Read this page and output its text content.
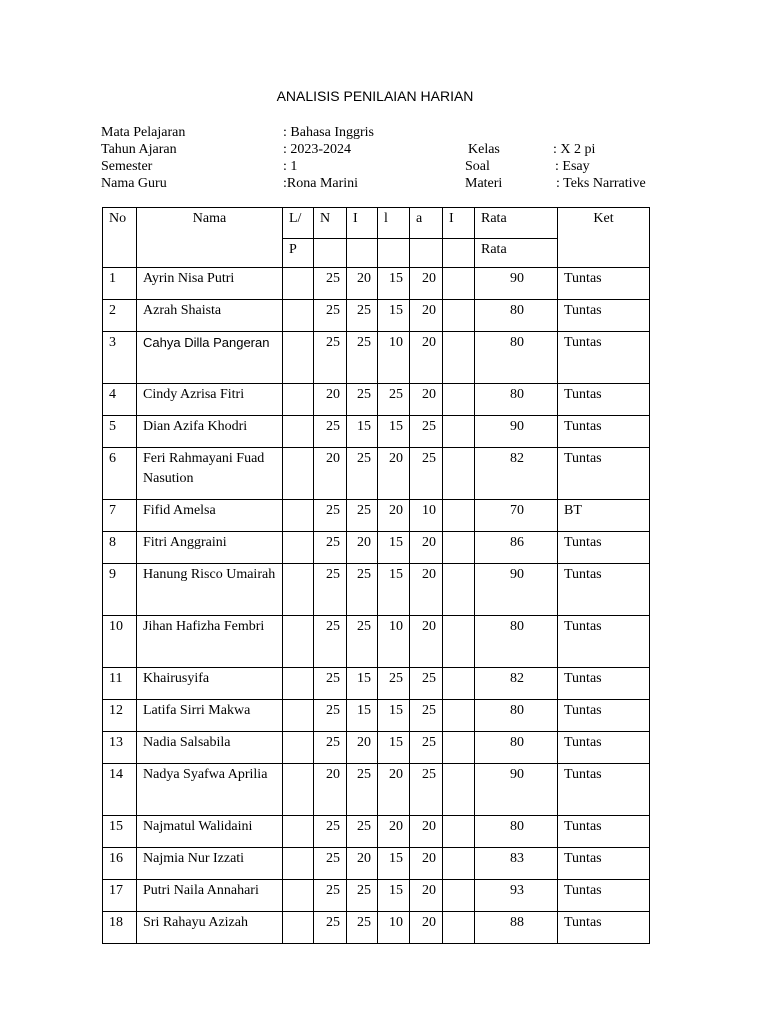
ANALISIS PENILAIAN HARIAN
Mata Pelajaran	: Bahasa Inggris
Tahun Ajaran	: 2023-2024
Semester	: 1
Nama Guru	:Rona Marini
Kelas	: X 2 pi
Soal	: Esay
Materi	: Teks Narrative
No	Nama	L/	N	I	l	a	I	Rata	Ket
		P						Rata	
1	Ayrin Nisa Putri		25	20	15	20		90	Tuntas
2	Azrah Shaista		25	25	15	20		80	Tuntas
3	Cahya Dilla Pangeran		25	25	10	20		80	Tuntas
4	Cindy Azrisa Fitri		20	25	25	20		80	Tuntas
5	Dian Azifa Khodri		25	15	15	25		90	Tuntas
6	Feri Rahmayani Fuad Nasution		20	25	20	25		82	Tuntas
7	Fifid Amelsa		25	25	20	10		70	BT
8	Fitri Anggraini		25	20	15	20		86	Tuntas
9	Hanung Risco Umairah		25	25	15	20		90	Tuntas
10	Jihan Hafizha Fembri		25	25	10	20		80	Tuntas
11	Khairusyifa		25	15	25	25		82	Tuntas
12	Latifa Sirri Makwa		25	15	15	25		80	Tuntas
13	Nadia Salsabila		25	20	15	25		80	Tuntas
14	Nadya Syafwa Aprilia		20	25	20	25		90	Tuntas
15	Najmatul Walidaini		25	25	20	20		80	Tuntas
16	Najmia Nur Izzati		25	20	15	20		83	Tuntas
17	Putri Naila Annahari		25	25	15	20		93	Tuntas
18	Sri Rahayu Azizah		25	25	10	20		88	Tuntas
